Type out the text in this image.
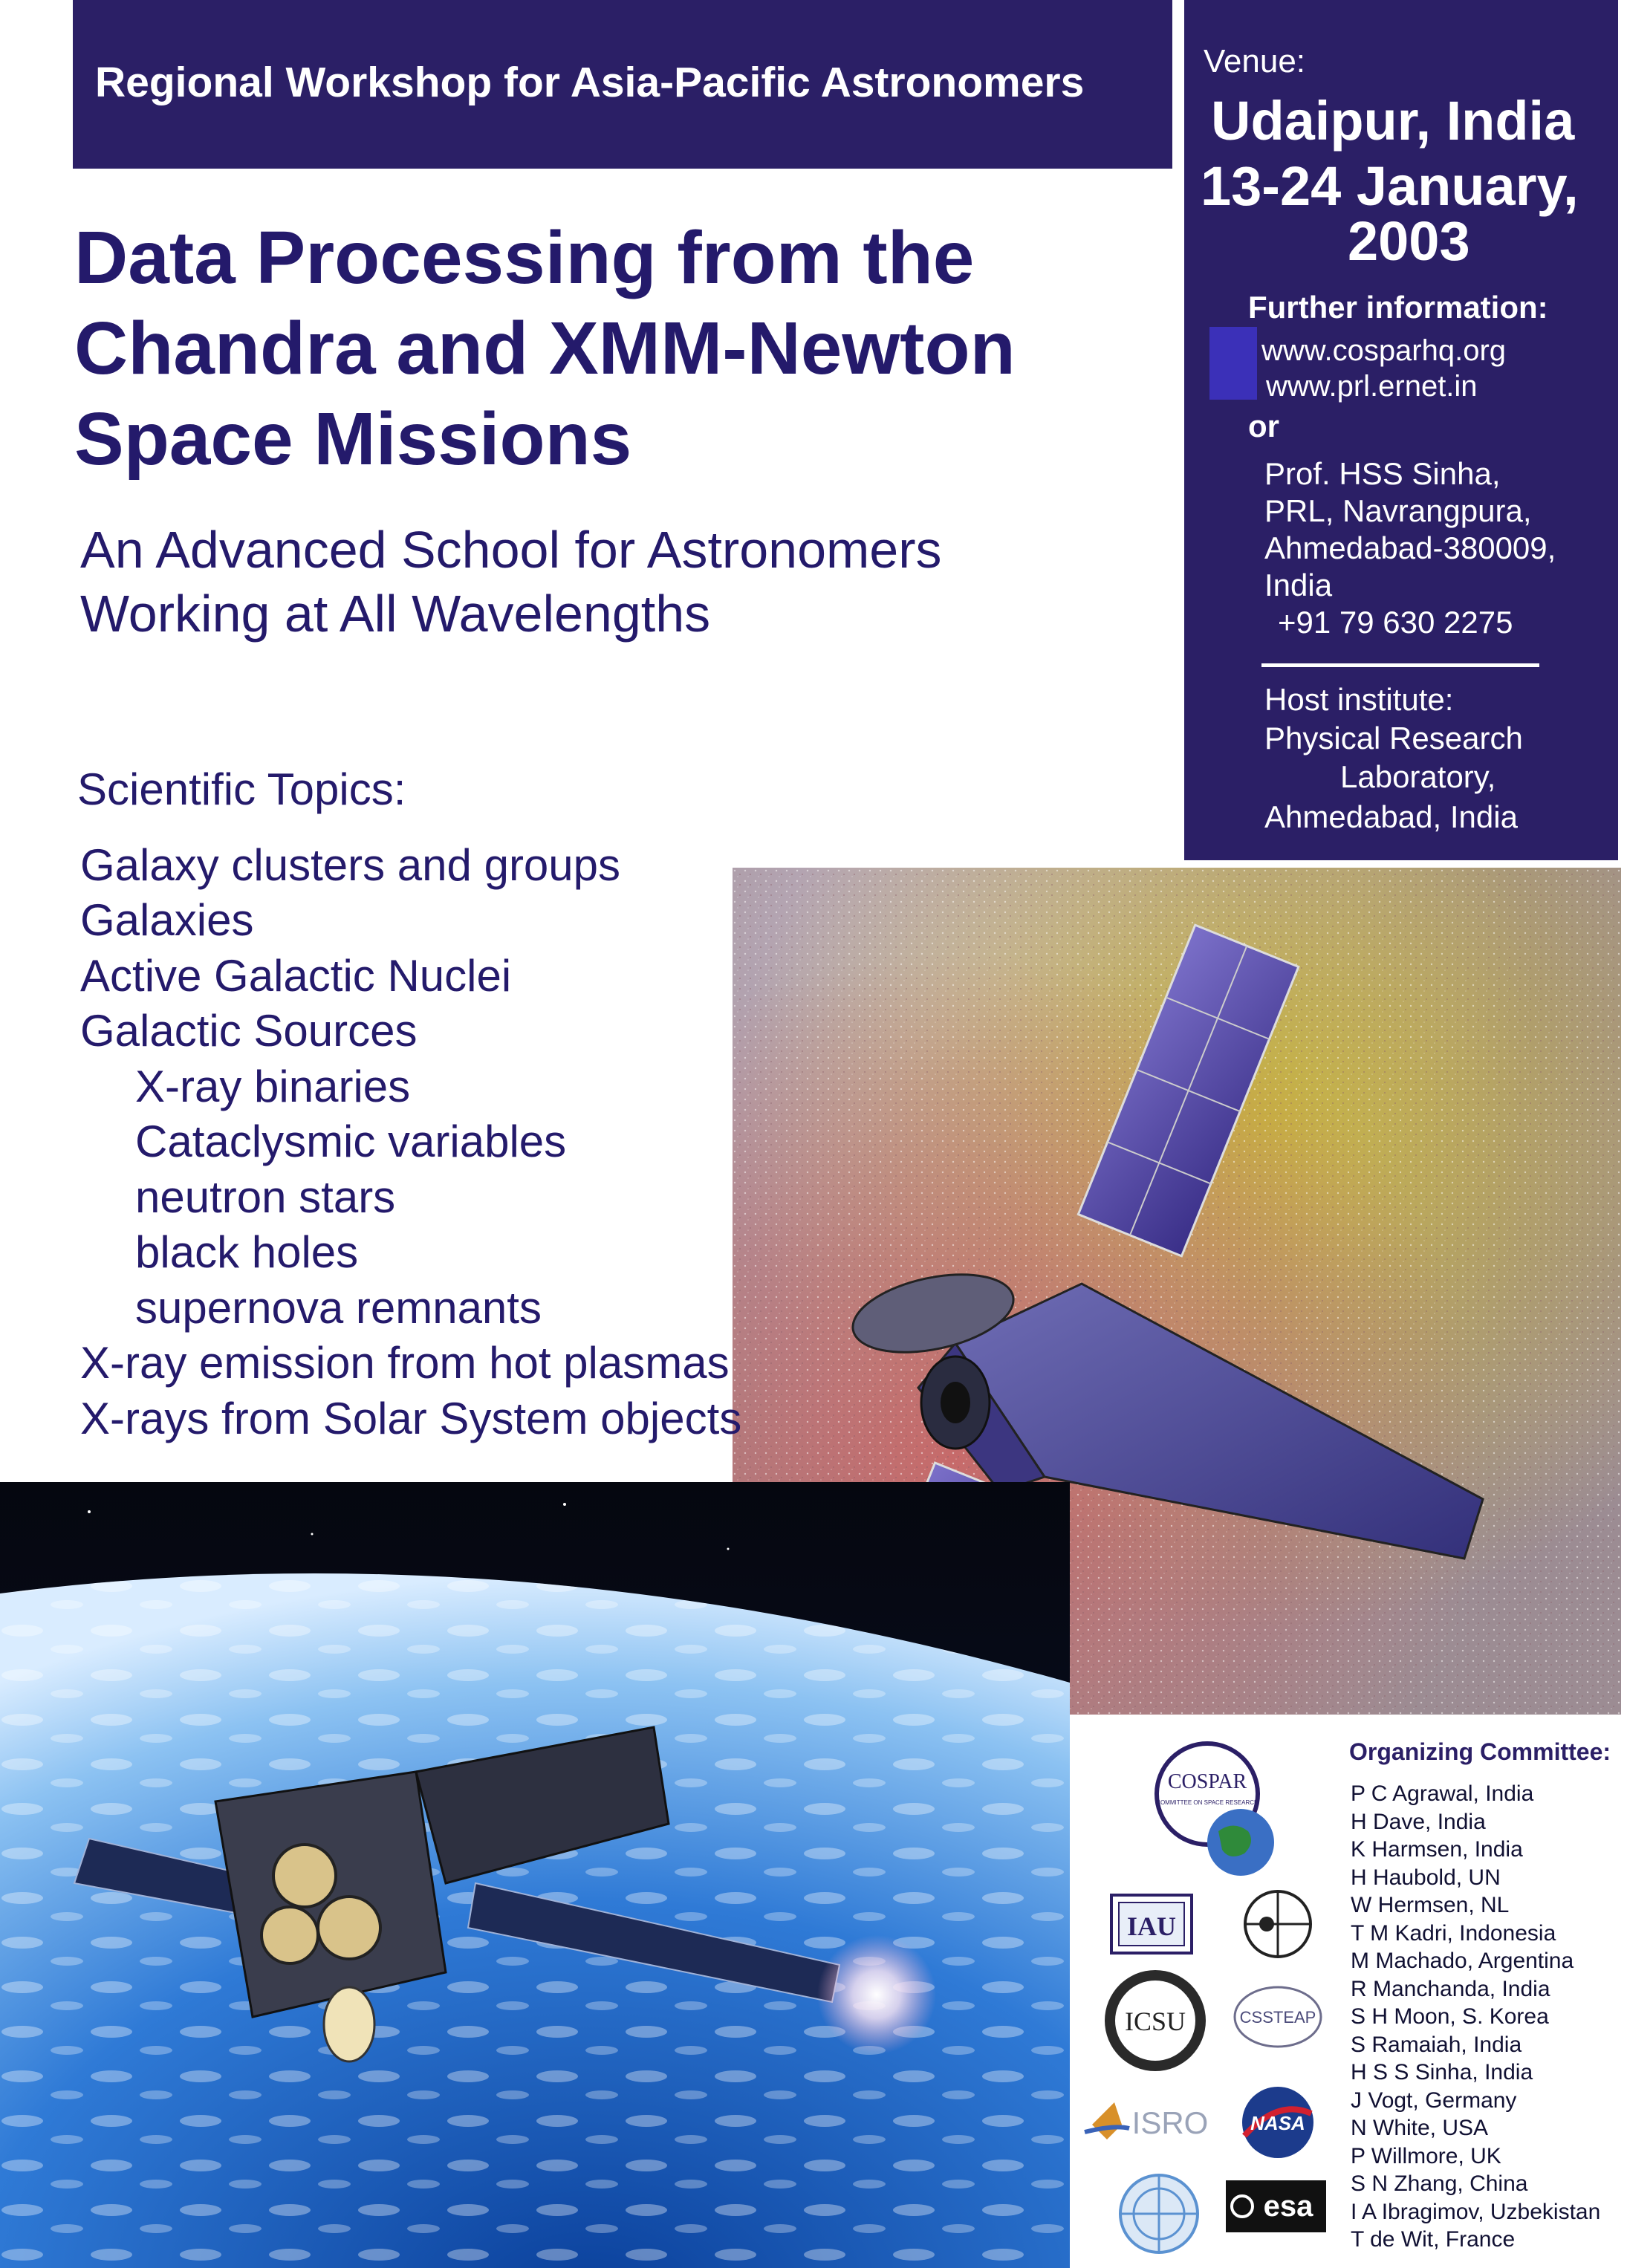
Regional Workshop for Asia-Pacific Astronomers	Venue:
Udaipur, India
13-24 January,
2003
Further information:
www.cosparhq.org
www.prl.ernet.in
or
Prof. HSS Sinha,
PRL, Navrangpura,
Ahmedabad-380009,
India
+91 79 630 2275
Host institute:
Physical Research
Laboratory,
Ahmedabad, India
Data Processing from the
Chandra and XMM-Newton
Space Missions
An Advanced School for Astronomers
Working at All Wavelengths
Scientific Topics:
Galaxy clusters and groups
Galaxies
Active Galactic Nuclei
Galactic Sources
X-ray binaries
Cataclysmic variables
neutron stars
black holes
supernova remnants
X-ray emission from hot plasmas
X-rays from Solar System objects
COSPAR
COMMITTEE ON SPACE RESEARCH
IAU
ICSU	CSSTEAP
ISRO NASA
esa
Organizing Committee:
P C Agrawal, India
H Dave, India
K Harmsen, India
H Haubold, UN
W Hermsen, NL
T M Kadri, Indonesia
M Machado, Argentina
R Manchanda, India
S H Moon, S. Korea
S Ramaiah, India
H S S Sinha, India
J Vogt, Germany
N White, USA
P Willmore, UK
S N Zhang, China
I A Ibragimov, Uzbekistan
T de Wit, France
